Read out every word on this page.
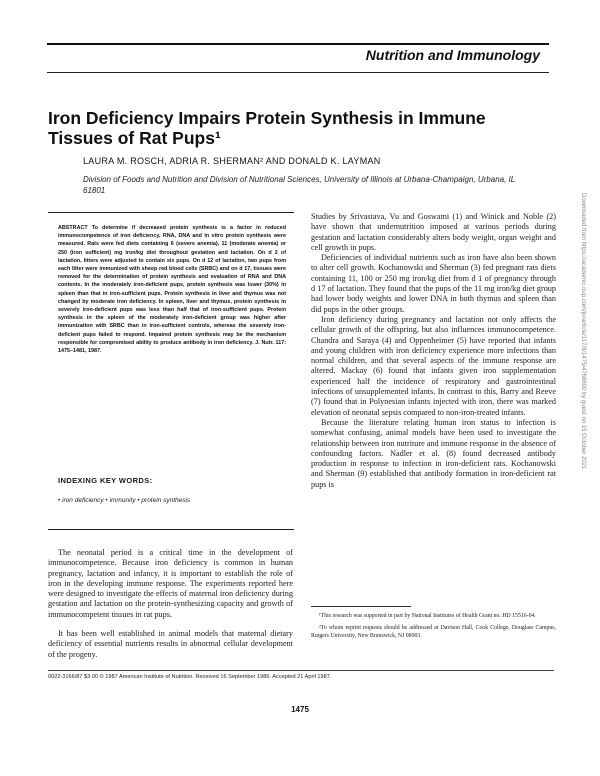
Nutrition and Immunology
Iron Deficiency Impairs Protein Synthesis in Immune Tissues of Rat Pups¹
LAURA M. ROSCH, ADRIA R. SHERMAN² AND DONALD K. LAYMAN
Division of Foods and Nutrition and Division of Nutritional Sciences, University of Illinois at Urbana-Champaign, Urbana, IL 61801
ABSTRACT To determine if decreased protein synthesis is a factor in reduced immunocompetence of iron deficiency, RNA, DNA and in vitro protein synthesis were measured. Rats were fed diets containing 6 (severe anemia), 11 (moderate anemia) or 250 (iron sufficient) mg iron/kg diet throughout gestation and lactation. On d 2 of lactation, litters were adjusted to contain six pups. On d 12 of lactation, two pups from each litter were immunized with sheep red blood cells (SRBC) and on d 17, tissues were removed for the determination of protein synthesis and evaluation of RNA and DNA contents. In the moderately iron-deficient pups, protein synthesis was lower (30%) in spleen than that in iron-sufficient pups. Protein synthesis in liver and thymus was not changed by moderate iron deficiency. In spleen, liver and thymus, protein synthesis in severely iron-deficient pups was less than half that of iron-sufficient pups. Protein synthesis in the spleen of the moderately iron-deficient group was higher after immunization with SRBC than in iron-sufficient controls, whereas the severely iron-deficient pups failed to respond. Impaired protein synthesis may be the mechanism responsible for compromised ability to produce antibody in iron deficiency. J. Nutr. 117: 1475–1481, 1987.
INDEXING KEY WORDS:
• iron deficiency • immunity • protein synthesis

The neonatal period is a critical time in the development of immunocompetence. Because iron deficiency is common in human pregnancy, lactation and infancy, it is important to establish the role of iron in the developing immune response. The experiments reported here were designed to investigate the effects of maternal iron deficiency during gestation and lactation on the protein-synthesizing capacity and growth of immunocompetent tissues in rat pups.

It has been well established in animal models that maternal dietary deficiency of essential nutrients results in abnormal cellular development of the progeny.

Studies by Srivastava, Vu and Goswami (1) and Winick and Noble (2) have shown that undernutrition imposed at various periods during gestation and lactation considerably alters body weight, organ weight and cell growth in pups.

Deficiencies of individual nutrients such as iron have also been shown to alter cell growth. Kochanowski and Sherman (3) fed pregnant rats diets containing 11, 100 or 250 mg iron/kg diet from d 1 of pregnancy through d 17 of lactation. They found that the pups of the 11 mg iron/kg diet group had lower body weights and lower DNA in both thymus and spleen than did pups in the other groups.

Iron deficiency during pregnancy and lactation not only affects the cellular growth of the offspring, but also influences immunocompetence. Chandra and Saraya (4) and Oppenheimer (5) have reported that infants and young children with iron deficiency experience more infections than normal children, and that several aspects of the immune response are altered. Mackay (6) found that infants given iron supplementation experienced half the incidence of respiratory and gastrointestinal infections of unsupplemented infants. In contrast to this, Barry and Reeve (7) found that in Polynesian infants injected with iron, there was marked elevation of neonatal sepsis compared to non-iron-treated infants.

Because the literature relating human iron status to infection is somewhat confusing, animal models have been used to investigate the relationship between iron nutriture and immune response in the absence of confounding factors. Nadler et al. (8) found decreased antibody production in response to infection in iron-deficient rats. Kochanowski and Sherman (9) established that antibody formation in iron-deficient rat pups is

¹This research was supported in part by National Institutes of Health Grant no. HD 15516-04.

²To whom reprint requests should be addressed at Davison Hall, Cook College, Douglass Campus, Rutgers University, New Brunswick, NJ 08903.

0022-3166/87 $3.00 © 1987 American Institute of Nutrition. Received 16 September 1986. Accepted 21 April 1987.
1475
Downloaded from https://academic.oup.com/jn/article/117/8/1475/4768600 by guest on 15 October 2021
